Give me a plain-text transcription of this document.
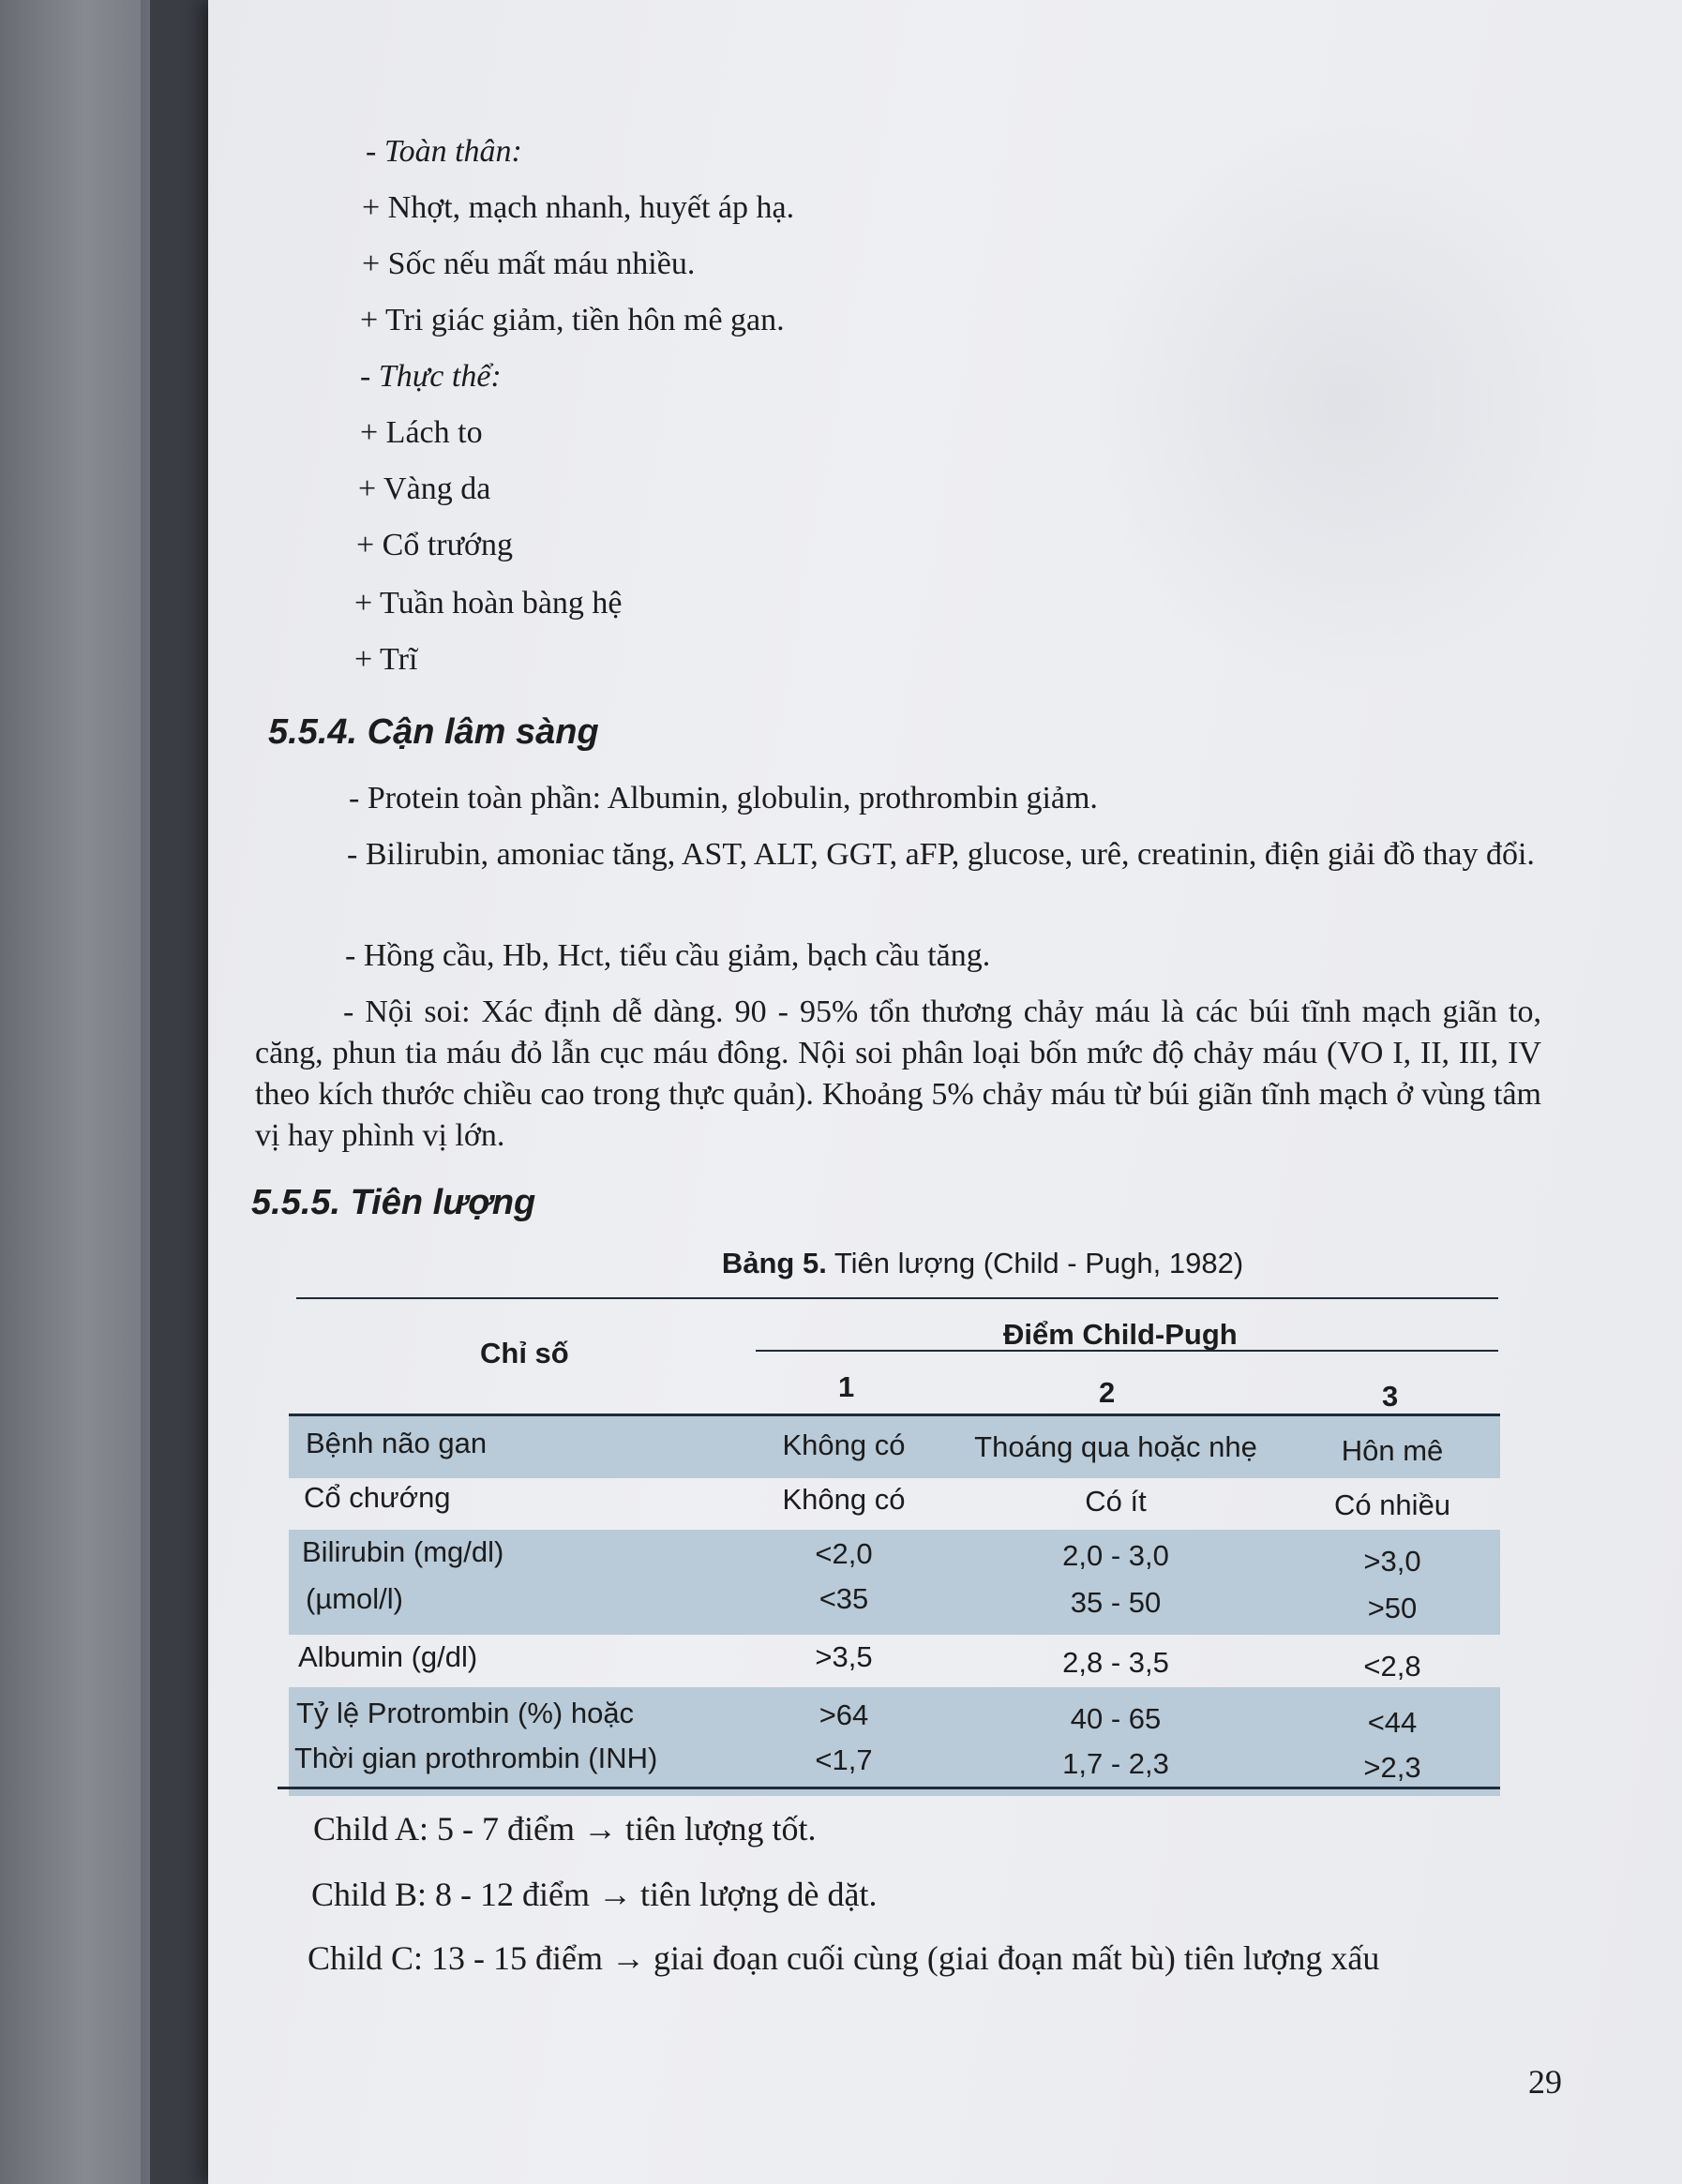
- Toàn thân:
+ Nhợt, mạch nhanh, huyết áp hạ.
+ Sốc nếu mất máu nhiều.
+ Tri giác giảm, tiền hôn mê gan.
- Thực thể:
+ Lách to
+ Vàng da
+ Cổ trướng
+ Tuần hoàn bàng hệ
+ Trĩ
5.5.4. Cận lâm sàng
- Protein toàn phần: Albumin, globulin, prothrombin giảm.
- Bilirubin, amoniac tăng, AST, ALT, GGT, aFP, glucose, urê, creatinin, điện giải đồ thay đổi.
- Hồng cầu, Hb, Hct, tiểu cầu giảm, bạch cầu tăng.
- Nội soi: Xác định dễ dàng. 90 - 95% tổn thương chảy máu là các búi tĩnh mạch giãn to, căng, phun tia máu đỏ lẫn cục máu đông. Nội soi phân loại bốn mức độ chảy máu (VO I, II, III, IV theo kích thước chiều cao trong thực quản). Khoảng 5% chảy máu từ búi giãn tĩnh mạch ở vùng tâm vị hay phình vị lớn.
5.5.5. Tiên lượng
Bảng 5. Tiên lượng (Child - Pugh, 1982)
Chỉ số
Điểm Child-Pugh
1	2	3
Bệnh não gan	Không có	Thoáng qua hoặc nhẹ	Hôn mê
Cổ chướng	Không có	Có ít	Có nhiều
Bilirubin (mg/dl)	<2,0	2,0 - 3,0	>3,0
(µmol/l)	<35	35 - 50	>50
Albumin (g/dl)	>3,5	2,8 - 3,5	<2,8
Tỷ lệ Protrombin (%) hoặc	>64	40 - 65	<44
Thời gian prothrombin (INH)	<1,7	1,7 - 2,3	>2,3
Child A: 5 - 7 điểm → tiên lượng tốt.
Child B: 8 - 12 điểm → tiên lượng dè dặt.
Child C: 13 - 15 điểm → giai đoạn cuối cùng (giai đoạn mất bù) tiên lượng xấu
29
